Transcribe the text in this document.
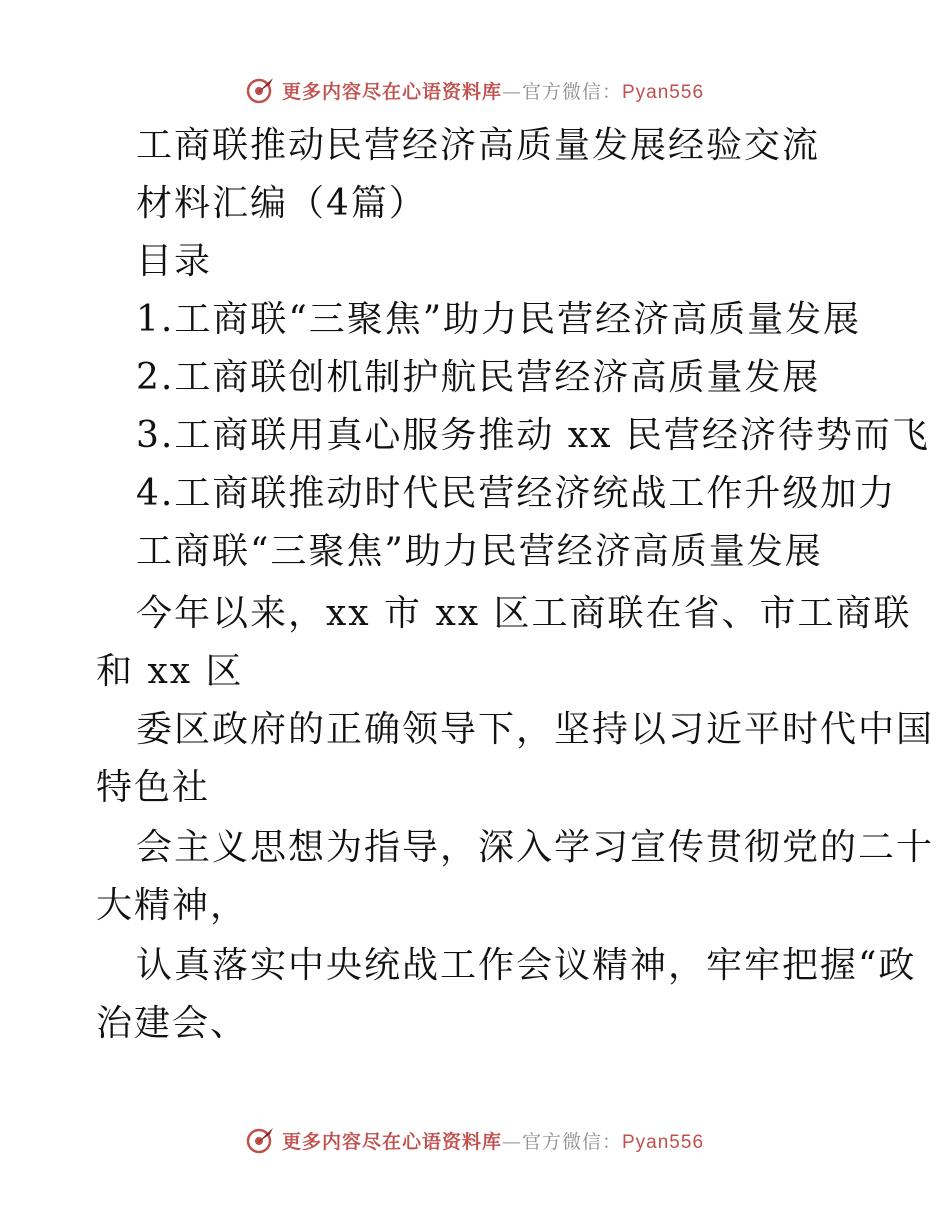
更多内容尽在心语资料库—官方微信：Pyan556
工商联推动民营经济高质量发展经验交流
材料汇编（4篇）
目录
1.工商联“三聚焦”助力民营经济高质量发展
2.工商联创机制护航民营经济高质量发展
3.工商联用真心服务推动 xx 民营经济待势而飞
4.工商联推动时代民营经济统战工作升级加力
工商联“三聚焦”助力民营经济高质量发展
今年以来，xx 市 xx 区工商联在省、市工商联
和 xx 区
委区政府的正确领导下，坚持以习近平时代中国
特色社
会主义思想为指导，深入学习宣传贯彻党的二十
大精神，
认真落实中央统战工作会议精神，牢牢把握“政
治建会、
更多内容尽在心语资料库—官方微信：Pyan556
